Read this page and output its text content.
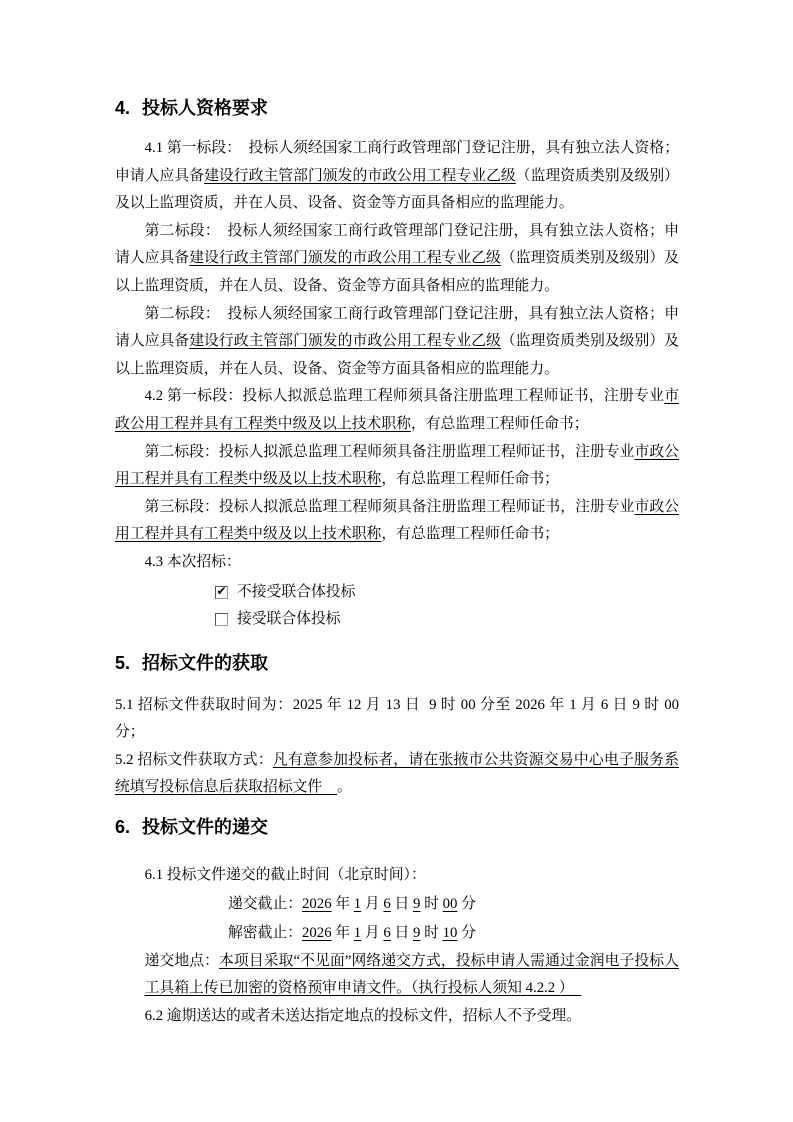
4. 投标人资格要求

4.1 第一标段：　投标人须经国家工商行政管理部门登记注册，具有独立法人资格；申请人应具备建设行政主管部门颁发的市政公用工程专业乙级（监理资质类别及级别）及以上监理资质，并在人员、设备、资金等方面具备相应的监理能力。

第二标段：　投标人须经国家工商行政管理部门登记注册，具有独立法人资格；申请人应具备建设行政主管部门颁发的市政公用工程专业乙级（监理资质类别及级别）及以上监理资质，并在人员、设备、资金等方面具备相应的监理能力。

第二标段：　投标人须经国家工商行政管理部门登记注册，具有独立法人资格；申请人应具备建设行政主管部门颁发的市政公用工程专业乙级（监理资质类别及级别）及以上监理资质，并在人员、设备、资金等方面具备相应的监理能力。

4.2 第一标段：投标人拟派总监理工程师须具备注册监理工程师证书，注册专业市政公用工程并具有工程类中级及以上技术职称，有总监理工程师任命书；

第二标段：投标人拟派总监理工程师须具备注册监理工程师证书，注册专业市政公用工程并具有工程类中级及以上技术职称，有总监理工程师任命书；

第三标段：投标人拟派总监理工程师须具备注册监理工程师证书，注册专业市政公用工程并具有工程类中级及以上技术职称，有总监理工程师任命书；

4.3 本次招标：

✔ 不接受联合体投标
接受联合体投标
5. 招标文件的获取

5.1 招标文件获取时间为：2025 年 12 月 13 日  9 时 00 分至 2026 年 1 月 6 日 9 时 00 分；

5.2 招标文件获取方式：凡有意参加投标者，请在张掖市公共资源交易中心电子服务系统填写投标信息后获取招标文件　。

6. 投标文件的递交

6.1 投标文件递交的截止时间（北京时间）：

递交截止：2026 年 1 月 6 日 9 时 00 分

解密截止：2026 年 1 月 6 日 9 时 10 分

递交地点：本项目采取“不见面”网络递交方式，投标申请人需通过金润电子投标人工具箱上传已加密的资格预审申请文件。（执行投标人须知 4.2.2 ）　

6.2 逾期送达的或者未送达指定地点的投标文件，招标人不予受理。
